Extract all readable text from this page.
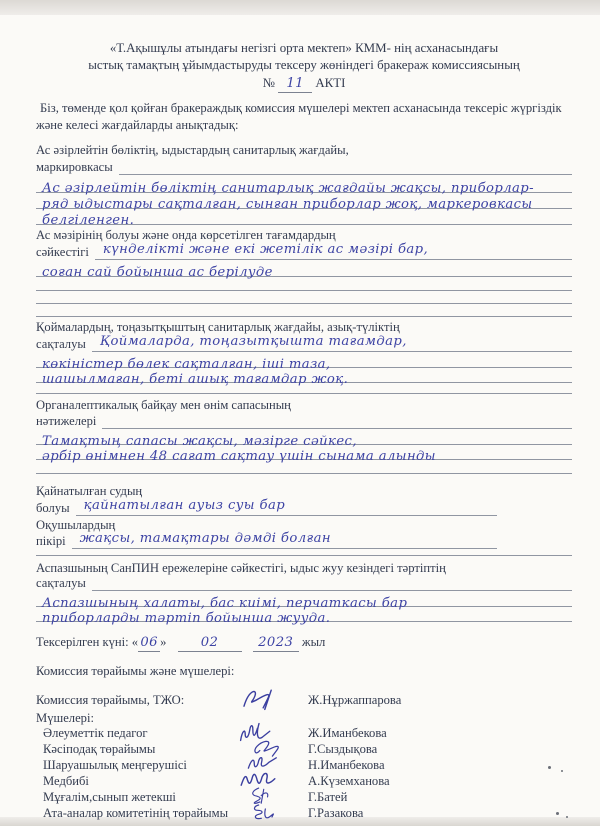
«Т.Ақышұлы атындағы негізгі орта мектеп» КММ- нің асханасындағы
ыстық тамақтың ұйымдастыруды тексеру жөніндегі бракераж комиссиясының
№ 11 АКТІ
Біз, төменде қол қойған бракераждық комиссия мүшелері мектеп асханасында тексеріс жүргіздік және келесі жағдайларды анықтадық:
Ас әзірлейтін бөліктің, ыдыстардың санитарлық жағдайы,
маркировкасы
Ас әзірлейтін бөліктің санитарлық жағдайы жақсы, приборлар-
ряд ыдыстары сақталған, сынған приборлар жоқ, маркеровкасы
белгіленген.
Ас мәзірінің болуы және онда көрсетілген тағамдардың
сәйкестігі	күнделікті және екі жетілік ас мәзірі бар,
соған сай бойынша ас берілуде
Қоймалардың, тоңазытқыштың санитарлық жағдайы, азық-түліктің
сақталуы	Қоймаларда, тоңазытқышта тағамдар,
көкіністер бөлек сақталған, іші таза,
шашылмаған, беті ашық тағамдар жоқ.
Органалептикалық байқау мен өнім сапасының
нәтижелері
Тамақтың сапасы жақсы, мәзірге сәйкес,
әрбір өнімнен 48 сағат сақтау үшін сынама алынды
Қайнатылған судың
болуы	қайнатылған ауыз суы бар
Оқушылардың
пікірі	жақсы, тамақтары дәмді болған
Аспазшының СанПИН ережелеріне сәйкестігі, ыдыс жуу кезіндегі тәртіптің
сақталуы
Аспазшының халаты, бас киімі, перчаткасы бар
приборларды тәртіп бойынша жууда.
Тексерілген күні: « 06 »	02	2023 жыл
Комиссия төрайымы және мүшелері:
Комиссия төрайымы, ТЖО:	Ж.Нұржаппарова
Мүшелері:
Әлеуметтік педагог	Ж.Иманбекова
Кәсіподақ төрайымы	Г.Сыздықова
Шаруашылық меңгерушісі	Н.Иманбекова
Медбибі	А.Күземханова
Мұғалім,сынып жетекші	Г.Батей
Ата-аналар комитетінің төрайымы	Г.Разакова
